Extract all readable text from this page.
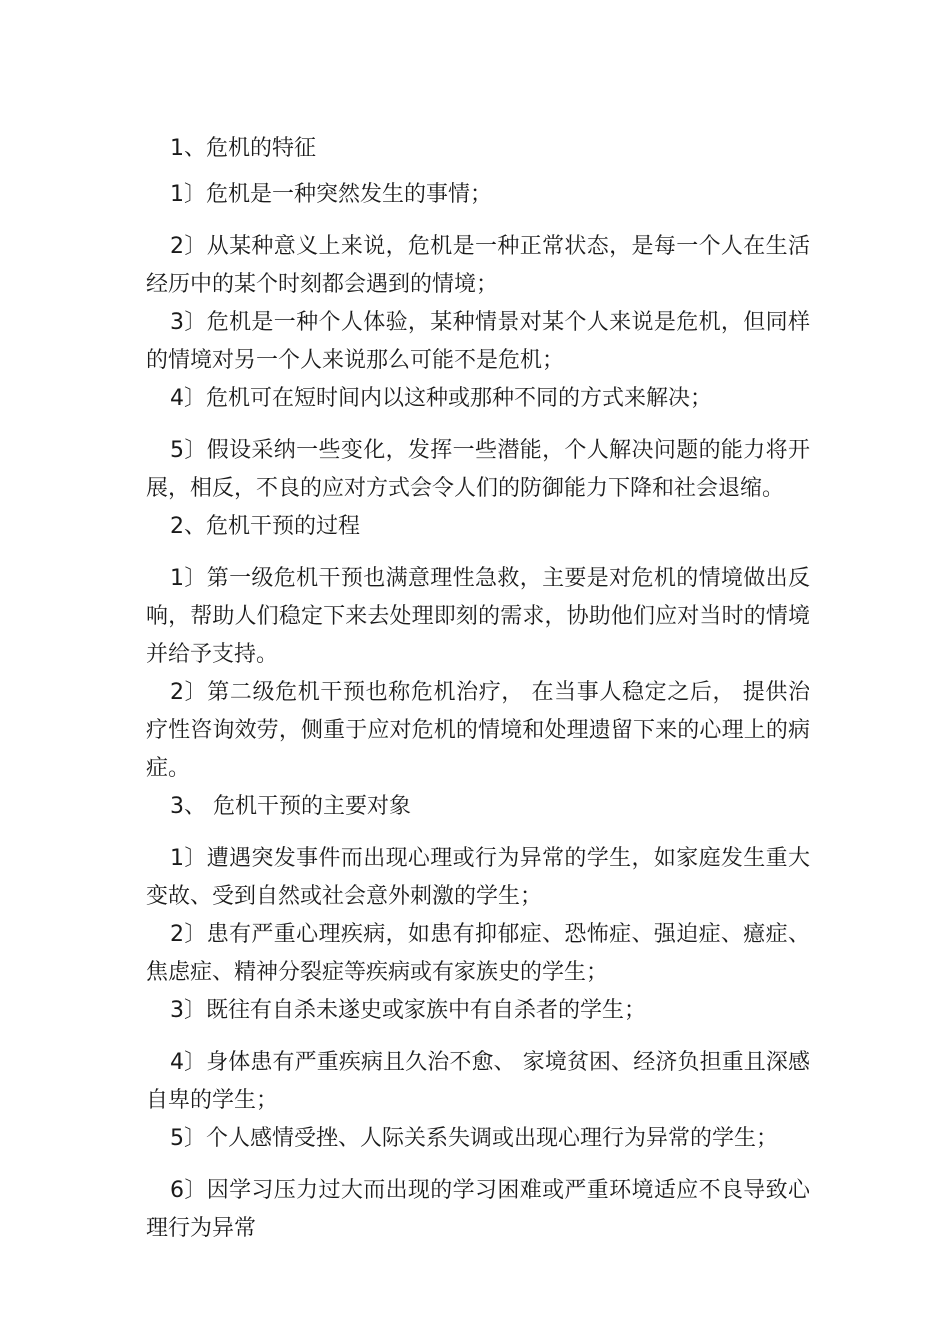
1、危机的特征

1〕危机是一种突然发生的事情；

2〕从某种意义上来说，危机是一种正常状态，是每一个人在生活经历中的某个时刻都会遇到的情境；

3〕危机是一种个人体验，某种情景对某个人来说是危机，但同样的情境对另一个人来说那么可能不是危机；

4〕危机可在短时间内以这种或那种不同的方式来解决；

5〕假设采纳一些变化，发挥一些潜能，个人解决问题的能力将开展，相反，不良的应对方式会令人们的防御能力下降和社会退缩。

2、危机干预的过程

1〕第一级危机干预也满意理性急救，主要是对危机的情境做出反响，帮助人们稳定下来去处理即刻的需求，协助他们应对当时的情境并给予支持。

2〕第二级危机干预也称危机治疗， 在当事人稳定之后， 提供治疗性咨询效劳，侧重于应对危机的情境和处理遗留下来的心理上的病症。

3、 危机干预的主要对象

1〕遭遇突发事件而出现心理或行为异常的学生，如家庭发生重大变故、受到自然或社会意外刺激的学生；

2〕患有严重心理疾病，如患有抑郁症、恐怖症、强迫症、癔症、焦虑症、精神分裂症等疾病或有家族史的学生；

3〕既往有自杀未遂史或家族中有自杀者的学生；

4〕身体患有严重疾病且久治不愈、 家境贫困、经济负担重且深感自卑的学生；

5〕个人感情受挫、人际关系失调或出现心理行为异常的学生；

6〕因学习压力过大而出现的学习困难或严重环境适应不良导致心理行为异常
